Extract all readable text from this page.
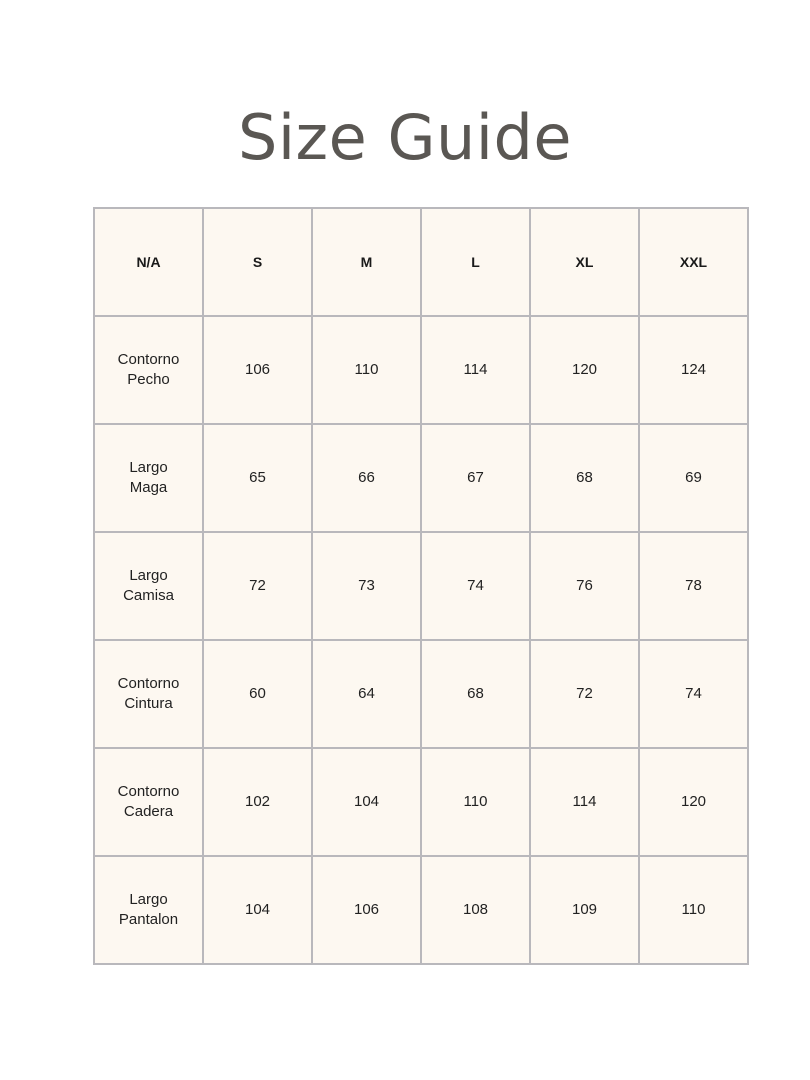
Size Guide
N/A	S	M	L	XL	XXL

Contorno
Pecho	106	110	114	120	124

Largo
Maga	65	66	67	68	69

Largo
Camisa	72	73	74	76	78

Contorno
Cintura	60	64	68	72	74

Contorno
Cadera	102	104	110	114	120

Largo
Pantalon	104	106	108	109	110
